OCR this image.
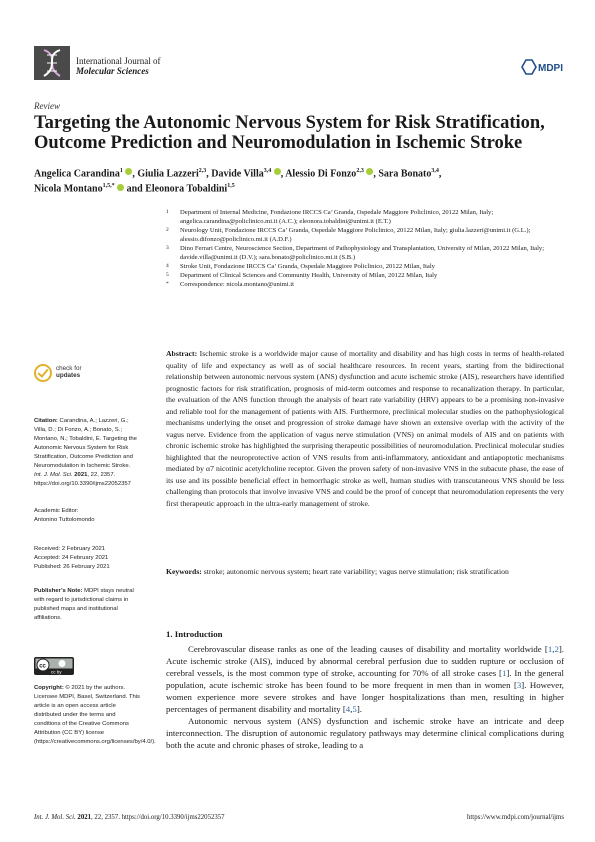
International Journal of
Molecular Sciences	MDPI
Review
Targeting the Autonomic Nervous System for Risk Stratification, Outcome Prediction and Neuromodulation in Ischemic Stroke
Angelica Carandina$^1$ , Giulia Lazzeri$^{2,3}$, Davide Villa$^{3,4}$ , Alessio Di Fonzo$^{2,3}$ , Sara Bonato$^{3,4}$,
Nicola Montano$^{1,5,*}$  and Eleonora Tobaldini$^{1,5}$
1 Department of Internal Medicine, Fondazione IRCCS Ca’ Granda, Ospedale Maggiore Policlinico, 20122 Milan, Italy; angelica.carandina@policlinico.mi.it (A.C.); eleonora.tobaldini@unimi.it (E.T.)
2 Neurology Unit, Fondazione IRCCS Ca’ Granda, Ospedale Maggiore Policlinico, 20122 Milan, Italy; giulia.lazzeri@unimi.it (G.L.); alessio.difonzo@policlinico.mi.it (A.D.F.)
3 Dino Ferrari Centre, Neuroscience Section, Department of Pathophysiology and Transplantation, University of Milan, 20122 Milan, Italy; davide.villa@unimi.it (D.V.); sara.bonato@policlinico.mi.it (S.B.)
4 Stroke Unit, Fondazione IRCCS Ca’ Granda, Ospedale Maggiore Policlinico, 20122 Milan, Italy
5 Department of Clinical Sciences and Community Health, University of Milan, 20122 Milan, Italy
* Correspondence: nicola.montano@unimi.it
check for
updates
Citation: Carandina, A.; Lazzeri, G.; Villa, D.; Di Fonzo, A.; Bonato, S.; Montano, N.; Tobaldini, E. Targeting the Autonomic Nervous System for Risk Stratification, Outcome Prediction and Neuromodulation in Ischemic Stroke. Int. J. Mol. Sci. 2021, 22, 2357. https://doi.org/10.3390/ijms22052357
Academic Editor:
Antonino Tuttolomondo
Received: 2 February 2021
Accepted: 24 February 2021
Published: 26 February 2021
Publisher’s Note: MDPI stays neutral with regard to jurisdictional claims in published maps and institutional affiliations.
cc
cc by
Copyright: © 2021 by the authors. Licensee MDPI, Basel, Switzerland. This article is an open access article distributed under the terms and conditions of the Creative Commons Attribution (CC BY) license (https://creativecommons.org/licenses/by/4.0/).
Abstract: Ischemic stroke is a worldwide major cause of mortality and disability and has high costs in terms of health-related quality of life and expectancy as well as of social healthcare resources. In recent years, starting from the bidirectional relationship between autonomic nervous system (ANS) dysfunction and acute ischemic stroke (AIS), researchers have identified prognostic factors for risk stratification, prognosis of mid-term outcomes and response to recanalization therapy. In particular, the evaluation of the ANS function through the analysis of heart rate variability (HRV) appears to be a promising non-invasive and reliable tool for the management of patients with AIS. Furthermore, preclinical molecular studies on the pathophysiological mechanisms underlying the onset and progression of stroke damage have shown an extensive overlap with the activity of the vagus nerve. Evidence from the application of vagus nerve stimulation (VNS) on animal models of AIS and on patients with chronic ischemic stroke has highlighted the surprising therapeutic possibilities of neuromodulation. Preclinical molecular studies highlighted that the neuroprotective action of VNS results from anti-inflammatory, antioxidant and antiapoptotic mechanisms mediated by α7 nicotinic acetylcholine receptor. Given the proven safety of non-invasive VNS in the subacute phase, the ease of its use and its possible beneficial effect in hemorrhagic stroke as well, human studies with transcutaneous VNS should be less challenging than protocols that involve invasive VNS and could be the proof of concept that neuromodulation represents the very first therapeutic approach in the ultra-early management of stroke.
Keywords: stroke; autonomic nervous system; heart rate variability; vagus nerve stimulation; risk stratification
1. Introduction

Cerebrovascular disease ranks as one of the leading causes of disability and mortality worldwide [1,2]. Acute ischemic stroke (AIS), induced by abnormal cerebral perfusion due to sudden rupture or occlusion of cerebral vessels, is the most common type of stroke, accounting for 70% of all stroke cases [1]. In the general population, acute ischemic stroke has been found to be more frequent in men than in women [3]. However, women experience more severe strokes and have longer hospitalizations than men, resulting in higher percentages of permanent disability and mortality [4,5].

Autonomic nervous system (ANS) dysfunction and ischemic stroke have an intricate and deep interconnection. The disruption of autonomic regulatory pathways may determine clinical complications during both the acute and chronic phases of stroke, leading to a

Int. J. Mol. Sci. 2021, 22, 2357. https://doi.org/10.3390/ijms22052357	https://www.mdpi.com/journal/ijms
